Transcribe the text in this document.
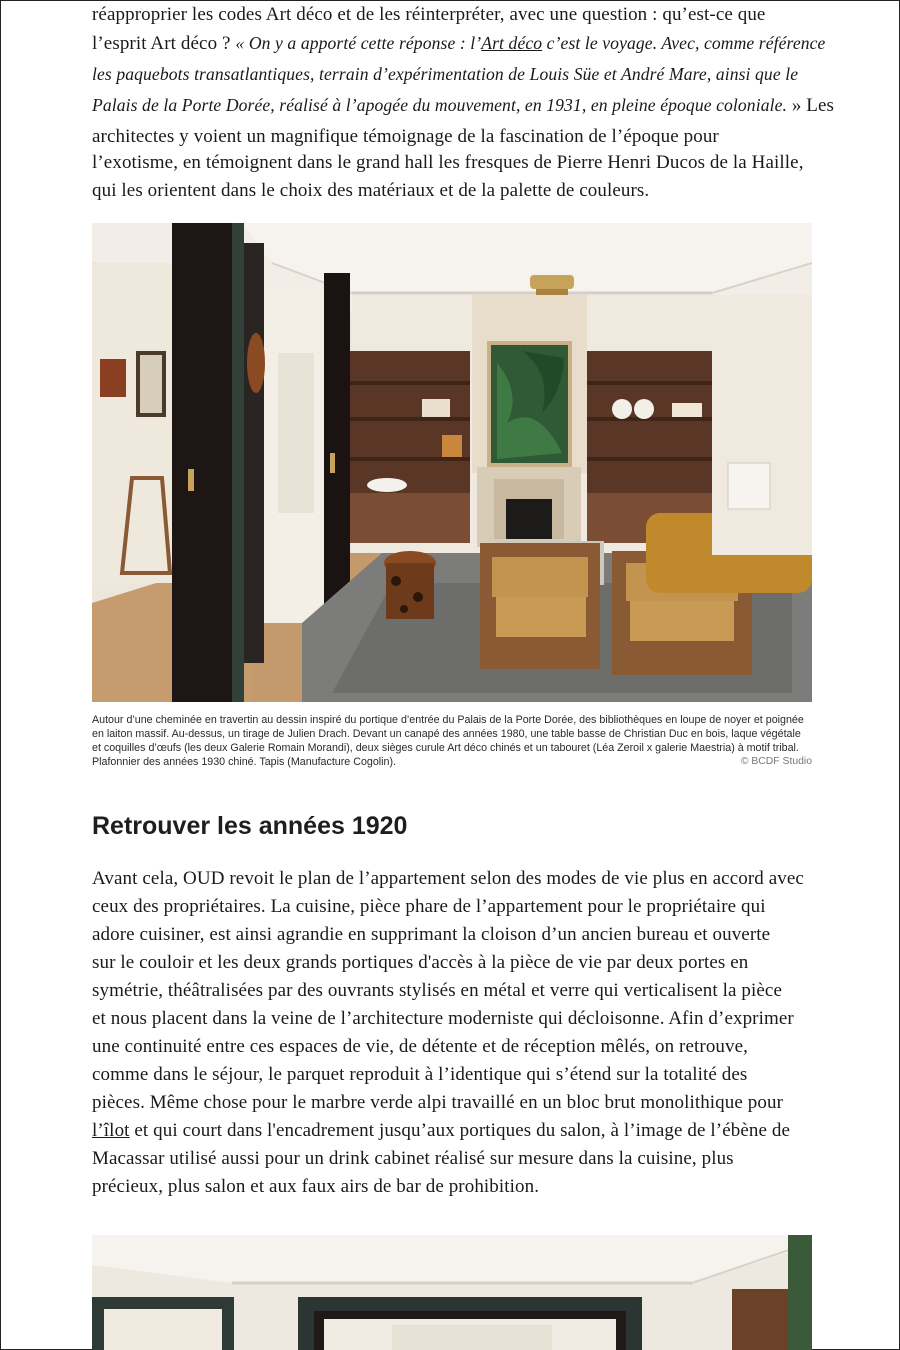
réapproprier les codes Art déco et de les réinterpréter, avec une question : qu’est-ce que
l’esprit Art déco ? « On y a apporté cette réponse : l’Art déco c’est le voyage. Avec, comme référence
les paquebots transatlantiques, terrain d’expérimentation de Louis Süe et André Mare, ainsi que le
Palais de la Porte Dorée, réalisé à l’apogée du mouvement, en 1931, en pleine époque coloniale. » Les
architectes y voient un magnifique témoignage de la fascination de l’époque pour
l’exotisme, en témoignent dans le grand hall les fresques de Pierre Henri Ducos de la Haille,
qui les orientent dans le choix des matériaux et de la palette de couleurs.
Autour d’une cheminée en travertin au dessin inspiré du portique d’entrée du Palais de la Porte Dorée, des bibliothèques en loupe de noyer et poignée en laiton massif. Au-dessus, un tirage de Julien Drach. Devant un canapé des années 1980, une table basse de Christian Duc en bois, laque végétale et coquilles d’œufs (les deux Galerie Romain Morandi), deux sièges curule Art déco chinés et un tabouret (Léa Zeroil x galerie Maestria) à motif tribal. Plafonnier des années 1930 chiné. Tapis (Manufacture Cogolin).	© BCDF Studio
Retrouver les années 1920
Avant cela, OUD revoit le plan de l’appartement selon des modes de vie plus en accord avec
ceux des propriétaires. La cuisine, pièce phare de l’appartement pour le propriétaire qui
adore cuisiner, est ainsi agrandie en supprimant la cloison d’un ancien bureau et ouverte
sur le couloir et les deux grands portiques d'accès à la pièce de vie par deux portes en
symétrie, théâtralisées par des ouvrants stylisés en métal et verre qui verticalisent la pièce
et nous placent dans la veine de l’architecture moderniste qui décloisonne. Afin d’exprimer
une continuité entre ces espaces de vie, de détente et de réception mêlés, on retrouve,
comme dans le séjour, le parquet reproduit à l’identique qui s’étend sur la totalité des
pièces. Même chose pour le marbre verde alpi travaillé en un bloc brut monolithique pour
l’îlot et qui court dans l'encadrement jusqu’aux portiques du salon, à l’image de l’ébène de
Macassar utilisé aussi pour un drink cabinet réalisé sur mesure dans la cuisine, plus
précieux, plus salon et aux faux airs de bar de prohibition.
